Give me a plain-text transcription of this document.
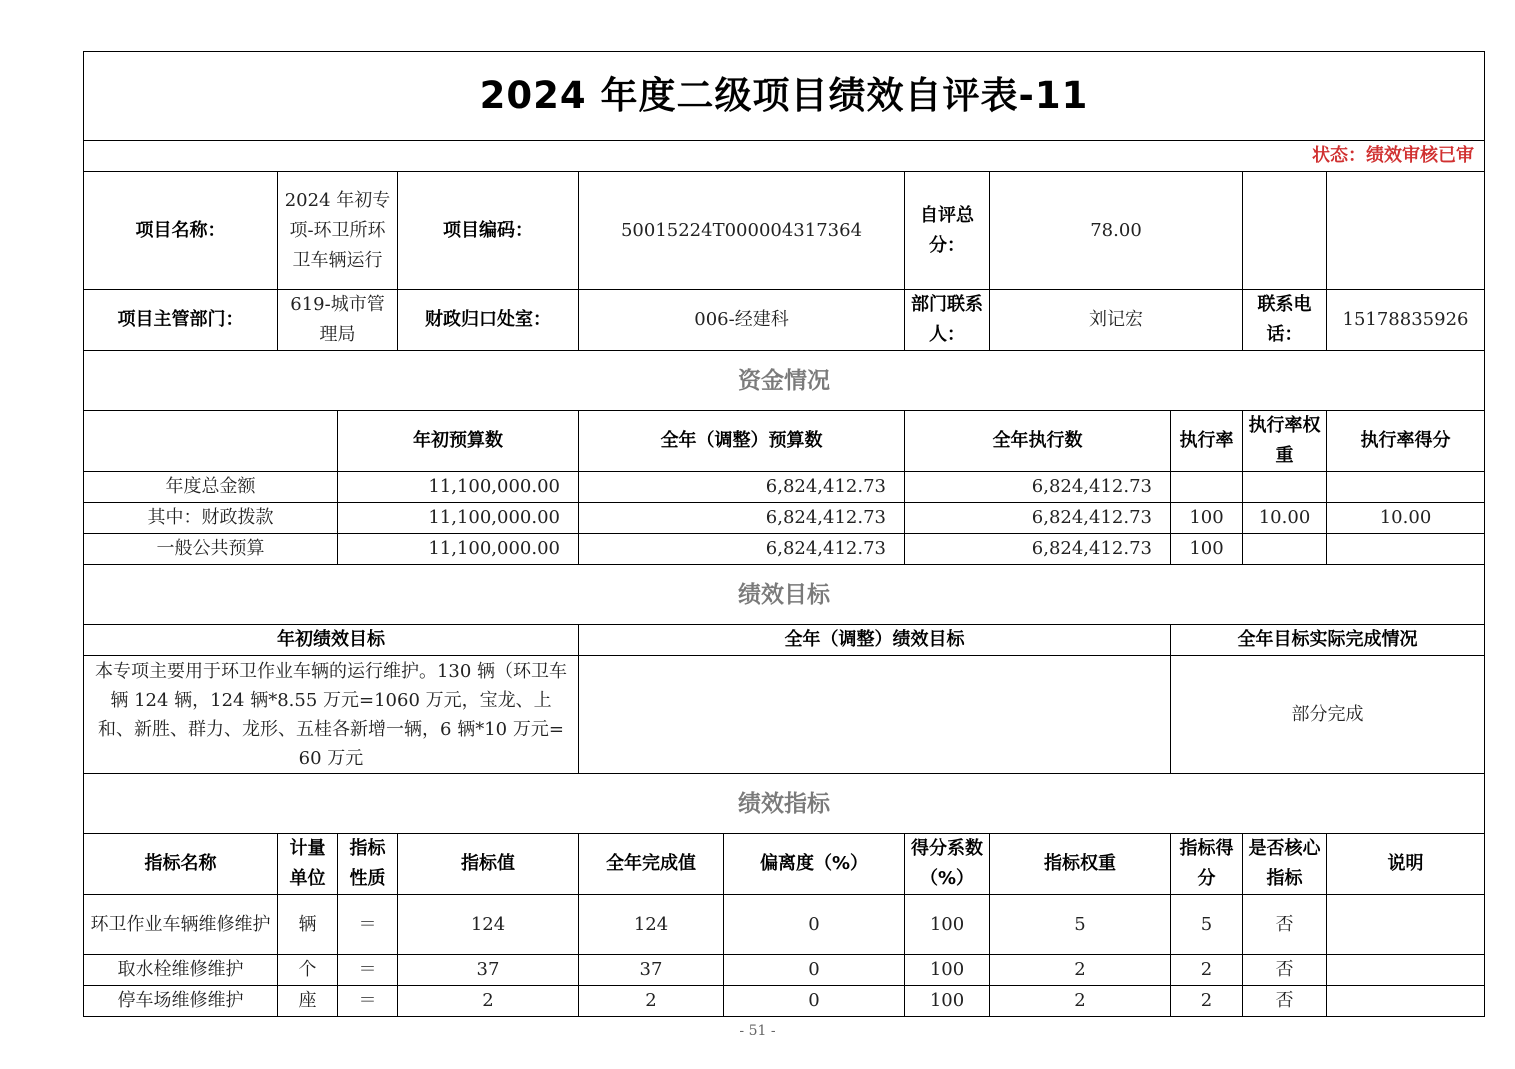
2024 年度二级项目绩效自评表-11										
状态：绩效审核已审										
项目名称：	2024 年初专项-环卫所环卫车辆运行		项目编码：	50015224T000004317364		自评总分：	78.00			
项目主管部门：	619-城市管理局		财政归口处室：	006-经建科		部门联系人：	刘记宏		联系电话：	15178835926
资金情况										
		年初预算数		全年（调整）预算数		全年执行数		执行率	执行率权重	执行率得分
年度总金额		11,100,000.00		6,824,412.73		6,824,412.73				
其中：财政拨款		11,100,000.00		6,824,412.73		6,824,412.73		100	10.00	10.00
一般公共预算		11,100,000.00		6,824,412.73		6,824,412.73		100		
绩效目标										
年初绩效目标				全年（调整）绩效目标				全年目标实际完成情况		
本专项主要用于环卫作业车辆的运行维护。130 辆（环卫车辆 124 辆，124 辆*8.55 万元=1060 万元，宝龙、上和、新胜、群力、龙形、五桂各新增一辆，6 辆*10 万元=60 万元								部分完成		
绩效指标										
指标名称	计量单位	指标性质	指标值	全年完成值	偏离度（%）	得分系数（%）	指标权重	指标得分	是否核心指标	说明
环卫作业车辆维修维护	辆	＝	124	124	0	100	5	5	否	
取水栓维修维护	个	＝	37	37	0	100	2	2	否	
停车场维修维护	座	＝	2	2	0	100	2	2	否	
- 51 -
